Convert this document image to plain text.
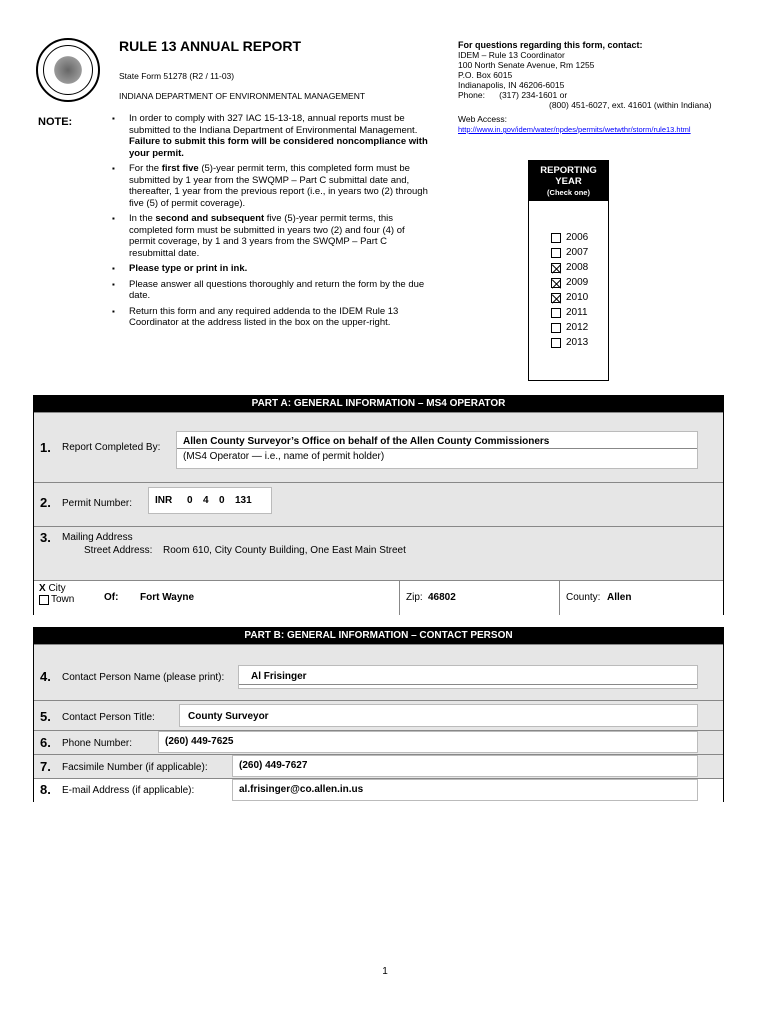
RULE 13 ANNUAL REPORT
State Form 51278 (R2 / 11-03)
INDIANA DEPARTMENT OF ENVIRONMENTAL MANAGEMENT
For questions regarding this form, contact:
IDEM – Rule 13 Coordinator
100 North Senate Avenue, Rm 1255
P.O. Box 6015
Indianapolis, IN 46206-6015
Phone: (317) 234-1601 or
(800) 451-6027, ext. 41601 (within Indiana)
Web Access:
http://www.in.gov/idem/water/npdes/permits/wetwthr/storm/rule13.html
NOTE:	▪ In order to comply with 327 IAC 15-13-18, annual reports must be submitted to the Indiana Department of Environmental Management. Failure to submit this form will be considered noncompliance with your permit.
▪ For the first five (5)-year permit term, this completed form must be submitted by 1 year from the SWQMP – Part C submittal date and, thereafter, 1 year from the previous report (i.e., in years two (2) through five (5) of permit coverage).
▪ In the second and subsequent five (5)-year permit terms, this completed form must be submitted in years two (2) and four (4) of permit coverage, by 1 and 3 years from the SWQMP – Part C resubmittal date.
▪ Please type or print in ink.
▪ Please answer all questions thoroughly and return the form by the due date.
▪ Return this form and any required addenda to the IDEM Rule 13 Coordinator at the address listed in the box on the upper-right.
REPORTING
YEAR
(Check one)
2006
2007
2008
2009
2010
2011
2012
2013
PART A: GENERAL INFORMATION – MS4 OPERATOR
1. Report Completed By:
Allen County Surveyor’s Office on behalf of the Allen County Commissioners
(MS4 Operator — i.e., name of permit holder)
2. Permit Number: INR	0	4	0	131
3. Mailing Address
Street Address: Room 610, City County Building, One East Main Street
X City
Town	Of: Fort Wayne	Zip: 46802	County: Allen
PART B: GENERAL INFORMATION – CONTACT PERSON
4. Contact Person Name (please print):	Al Frisinger
5. Contact Person Title:	County Surveyor
6. Phone Number:	(260) 449-7625
7. Facsimile Number (if applicable):	(260) 449-7627
8. E-mail Address (if applicable):	al.frisinger@co.allen.in.us
1
